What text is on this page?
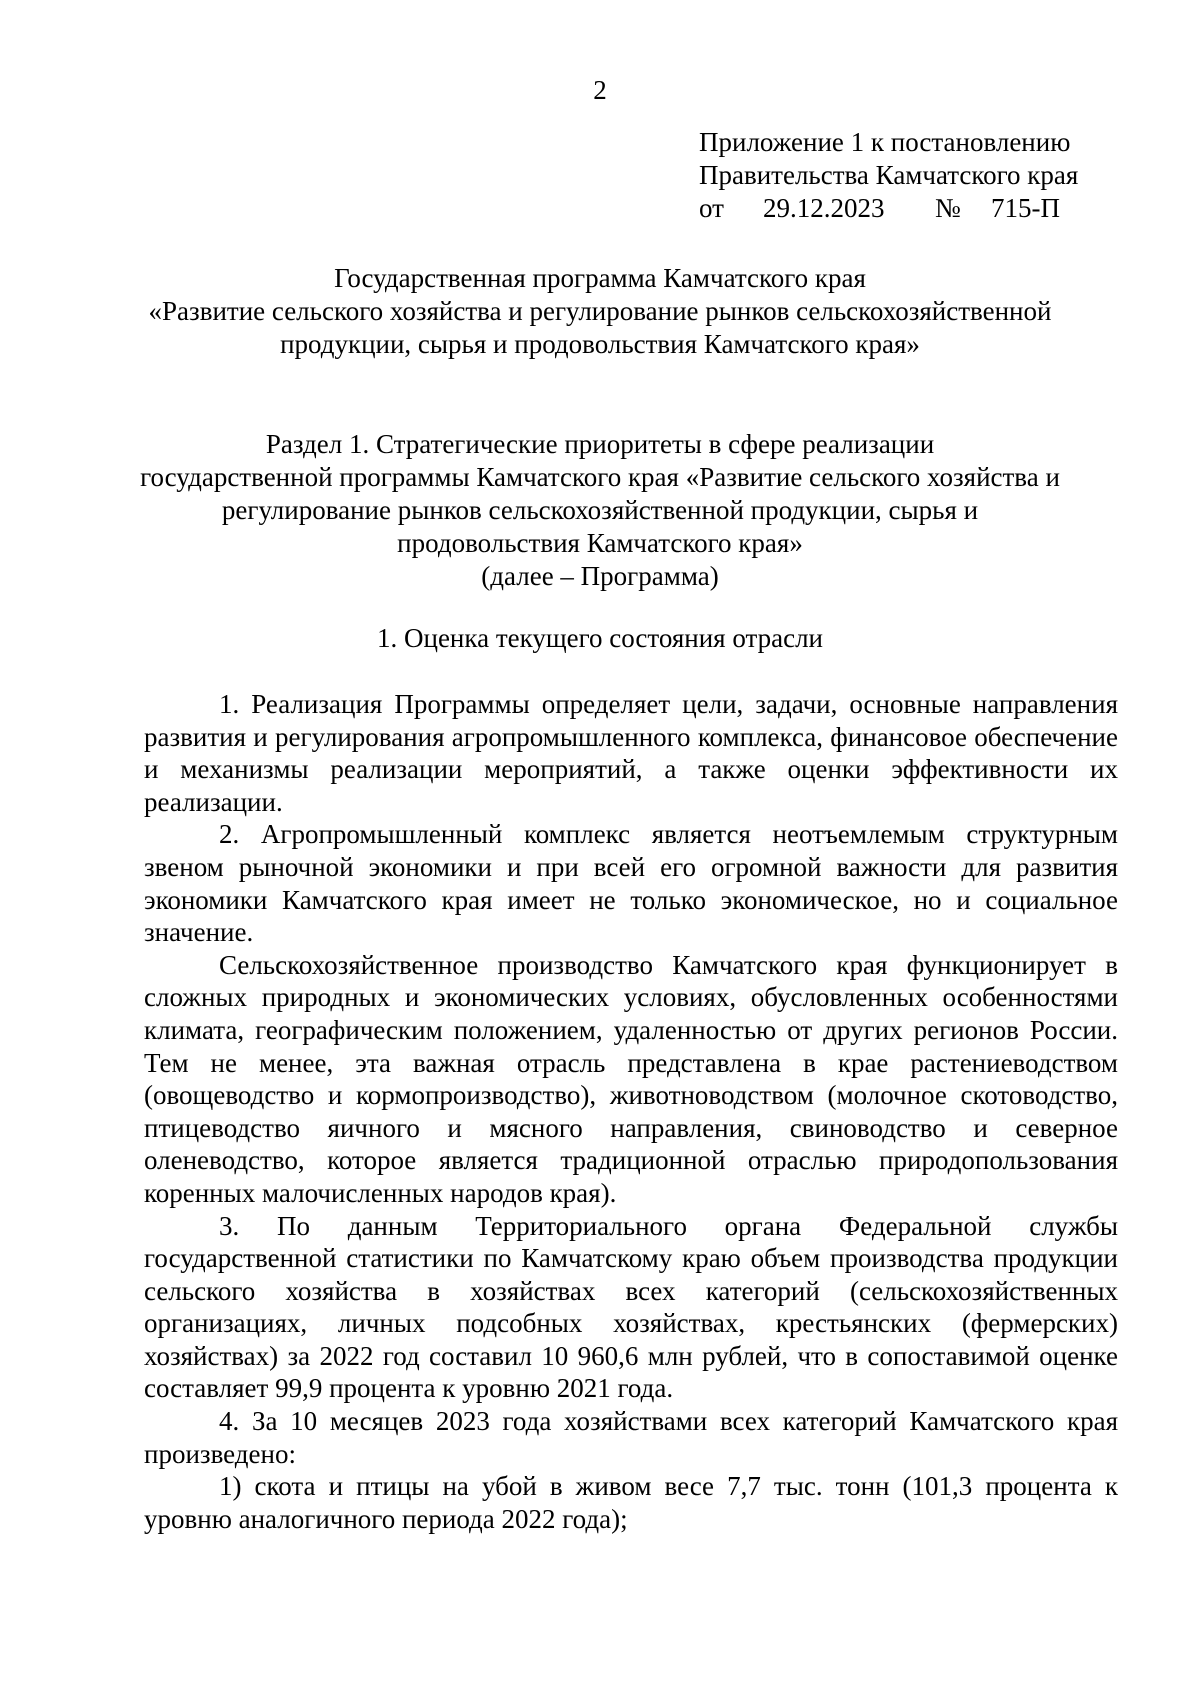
2
Приложение 1 к постановлению
Правительства Камчатского края
от 29.12.2023 № 715-П
Государственная программа Камчатского края
«Развитие сельского хозяйства и регулирование рынков сельскохозяйственной
продукции, сырья и продовольствия Камчатского края»
Раздел 1. Стратегические приоритеты в сфере реализации
государственной программы Камчатского края «Развитие сельского хозяйства и
регулирование рынков сельскохозяйственной продукции, сырья и
продовольствия Камчатского края»
(далее – Программа)
1. Оценка текущего состояния отрасли

1. Реализация Программы определяет цели, задачи, основные направления развития и регулирования агропромышленного комплекса, финансовое обеспечение и механизмы реализации мероприятий, а также оценки эффективности их реализации.

2. Агропромышленный комплекс является неотъемлемым структурным звеном рыночной экономики и при всей его огромной важности для развития экономики Камчатского края имеет не только экономическое, но и социальное значение.

Сельскохозяйственное производство Камчатского края функционирует в сложных природных и экономических условиях, обусловленных особенностями климата, географическим положением, удаленностью от других регионов России. Тем не менее, эта важная отрасль представлена в крае растениеводством (овощеводство и кормопроизводство), животноводством (молочное скотоводство, птицеводство яичного и мясного направления, свиноводство и северное оленеводство, которое является традиционной отраслью природопользования коренных малочисленных народов края).

3. По данным Территориального органа Федеральной службы государственной статистики по Камчатскому краю объем производства продукции сельского хозяйства в хозяйствах всех категорий (сельскохозяйственных организациях, личных подсобных хозяйствах, крестьянских (фермерских) хозяйствах) за 2022 год составил 10 960,6 млн рублей, что в сопоставимой оценке составляет 99,9 процента к уровню 2021 года.

4. За 10 месяцев 2023 года хозяйствами всех категорий Камчатского края произведено:

1) скота и птицы на убой в живом весе 7,7 тыс. тонн (101,3 процента к уровню аналогичного периода 2022 года);
